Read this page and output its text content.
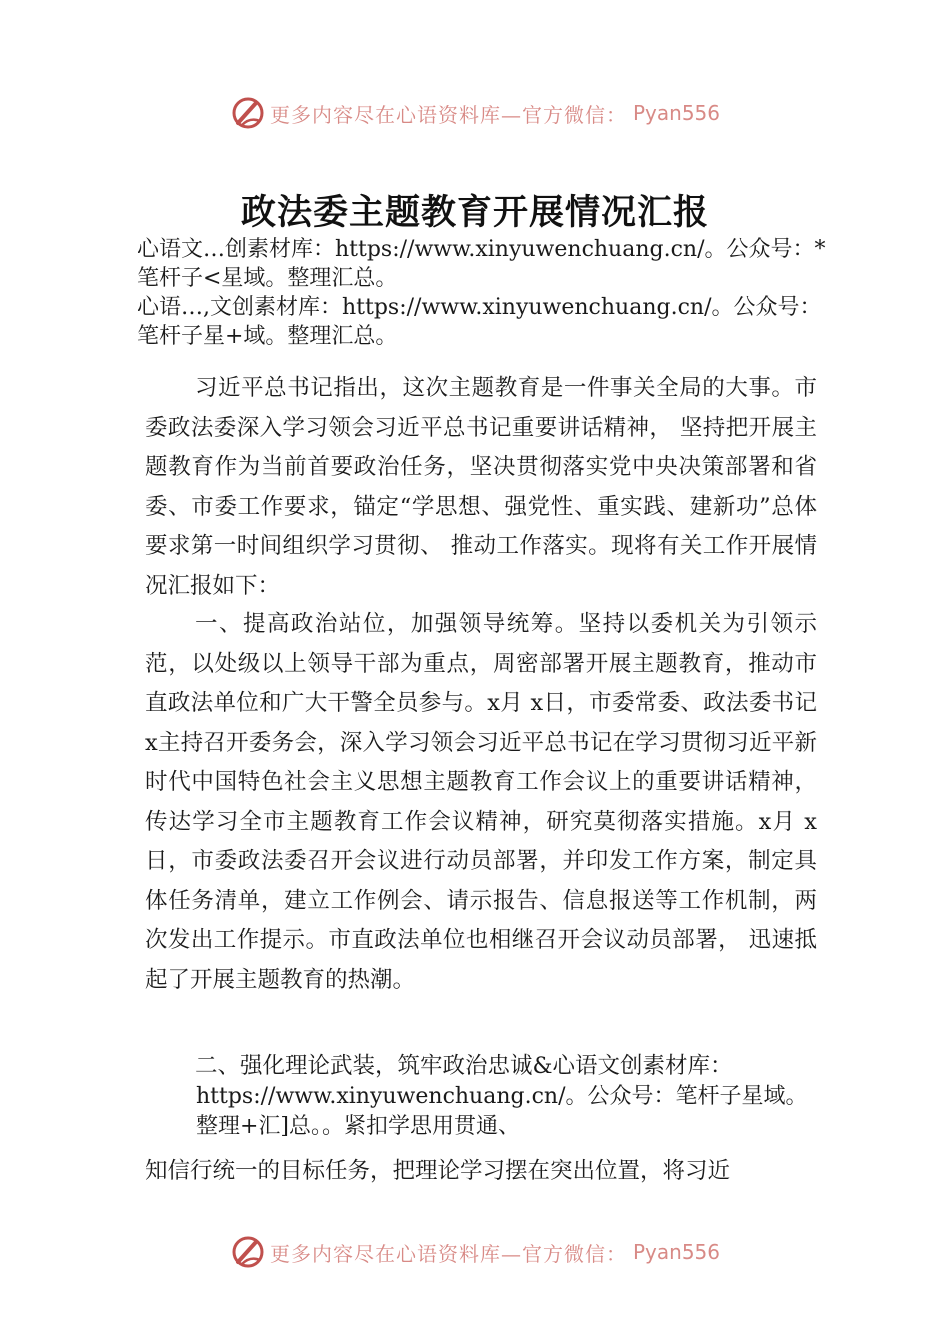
更多内容尽在心语资料库—官方微信： Pyan556
政法委主题教育开展情况汇报

心语文…创素材库：https://www.xinyuwenchuang.cn/。公众号：*笔杆子<星域。整理汇总。

心语…,文创素材库：https://www.xinyuwenchuang.cn/。公众号：笔杆子星+域。整理汇总。

习近平总书记指出，这次主题教育是一件事关全局的大事。市委政法委深入学习领会习近平总书记重要讲话精神， 坚持把开展主题教育作为当前首要政治任务，坚决贯彻落实党中央决策部署和省委、市委工作要求，锚定“学思想、强党性、重实践、建新功”总体要求第一时间组织学习贯彻、 推动工作落实。现将有关工作开展情况汇报如下：

一、提高政治站位，加强领导统筹。坚持以委机关为引领示范，以处级以上领导干部为重点，周密部署开展主题教育，推动市直政法单位和广大干警全员参与。x月 x日，市委常委、政法委书记 x主持召开委务会，深入学习领会习近平总书记在学习贯彻习近平新时代中国特色社会主义思想主题教育工作会议上的重要讲话精神，传达学习全市主题教育工作会议精神，研究莫彻落实措施。x月 x日，市委政法委召开会议进行动员部署，并印发工作方案，制定具体任务清单，建立工作例会、请示报告、信息报送等工作机制，两次发出工作提示。市直政法单位也相继召开会议动员部署， 迅速抵起了开展主题教育的热潮。

二、强化理论武装，筑牢政治忠诚&心语文创素材库：

https://www.xinyuwenchuang.cn/。公众号：笔杆子星域。整理+汇]总。。紧扣学思用贯通、

知信行统一的目标任务，把理论学习摆在突出位置，将习近

更多内容尽在心语资料库—官方微信： Pyan556
